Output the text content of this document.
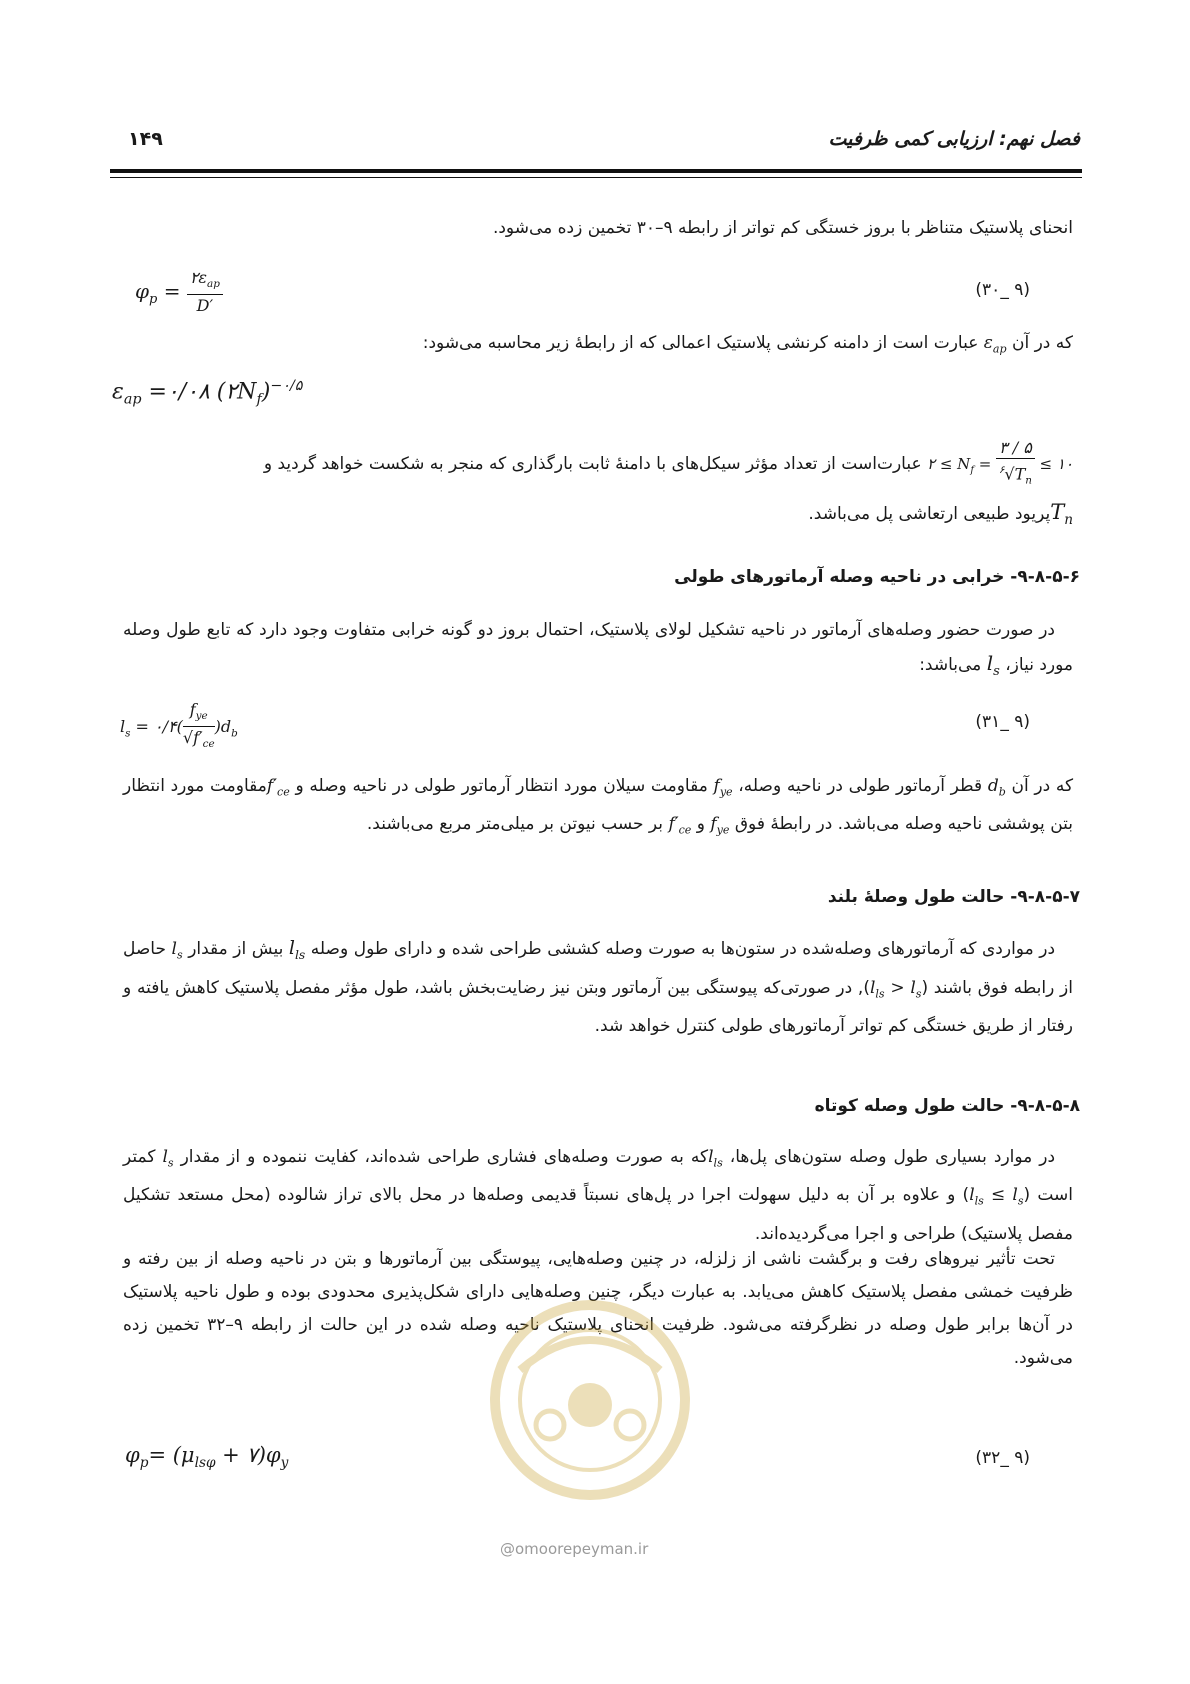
فصل نهم: ارزیابی کمی ظرفیت
۱۴۹
انحنای پلاستیک متناظر با بروز خستگی کم تواتر از رابطه ۹–۳۰ تخمین زده می‌شود.
$\varphi_p = \frac{۲\varepsilon_{ap}}{D'}$	(۹ _۳۰)
که در آن $\varepsilon_{ap}$ عبارت است از دامنه کرنشی پلاستیک اعمالی که از رابطهٔ زیر محاسبه می‌شود:
$\varepsilon_{ap}$ =۰/۰۸ $(۲N_f)^{-۰/۵}$
۲ ≤ $N_f = \frac{۳ / ۵}{^۶√T_n}$ ≤ ۱۰ عبارت‌است از تعداد مؤثر سیکل‌های با دامنهٔ ثابت بارگذاری که منجر به شکست خواهد گردید و
$T_nپریود$ طبیعی ارتعاشی پل می‌باشد.
۹-۸-۵-۶- خرابی در ناحیه وصله آرماتورهای طولی
در صورت حضور وصله‌های آرماتور در ناحیه تشکیل لولای پلاستیک، احتمال بروز دو گونه خرابی متفاوت وجود دارد که تابع طول وصله مورد نیاز، $l_s$ می‌باشد:
$l_s$ = ۰/۴( $\frac{f_{ye}}{√f'_{ce}} )d_b$
(۹ _۳۱)
که در آن $d_b$ قطر آرماتور طولی در ناحیه وصله، $f_{ye}$ مقاومت سیلان مورد انتظار آرماتور طولی در ناحیه وصله و $f'_{ce}مقاومت$ مورد انتظار بتن پوششی ناحیه وصله می‌باشد. در رابطهٔ فوق $f_{ye}$ و $f'_{ce}$ بر حسب نیوتن بر میلی‌متر مربع می‌باشند.
۹-۸-۵-۷- حالت طول وصلهٔ بلند
در مواردی که آرماتورهای وصله‌شده در ستون‌ها به صورت وصله کششی طراحی شده و دارای طول وصله $l_{ls}$ بیش از مقدار $l_s$ حاصل از رابطه فوق باشند $(l_{ls} > l_s)$, در صورتی‌که پیوستگی بین آرماتور وبتن نیز رضایت‌بخش باشد، طول مؤثر مفصل پلاستیک کاهش یافته و رفتار از طریق خستگی کم تواتر آرماتورهای طولی کنترل خواهد شد.
۹-۸-۵-۸- حالت طول وصله کوتاه
در موارد بسیاری طول وصله ستون‌های پل‌ها، $l_{ls}که$ به صورت وصله‌های فشاری طراحی شده‌اند، کفایت ننموده و از مقدار $l_s$ کمتر است $(l_{ls} \le l_s)$ و علاوه بر آن به دلیل سهولت اجرا در پل‌های نسبتاً قدیمی وصله‌ها در محل بالای تراز شالوده (محل مستعد تشکیل مفصل پلاستیک) طراحی و اجرا می‌گردیده‌اند.
تحت تأثیر نیروهای رفت و برگشت ناشی از زلزله، در چنین وصله‌هایی، پیوستگی بین آرماتورها و بتن در ناحیه وصله از بین رفته و ظرفیت خمشی مفصل پلاستیک کاهش می‌یابد. به عبارت دیگر، چنین وصله‌هایی دارای شکل‌پذیری محدودی بوده و طول ناحیه پلاستیک در آن‌ها برابر طول وصله در نظرگرفته می‌شود. ظرفیت انحنای پلاستیک ناحیه وصله شده در این حالت از رابطه ۹–۳۲ تخمین زده می‌شود.
$\varphi_p= (\mu_{ls\varphi}$ + $۷)\varphi_y$	(۹ _۳۲)
@omoorepeyman.ir
